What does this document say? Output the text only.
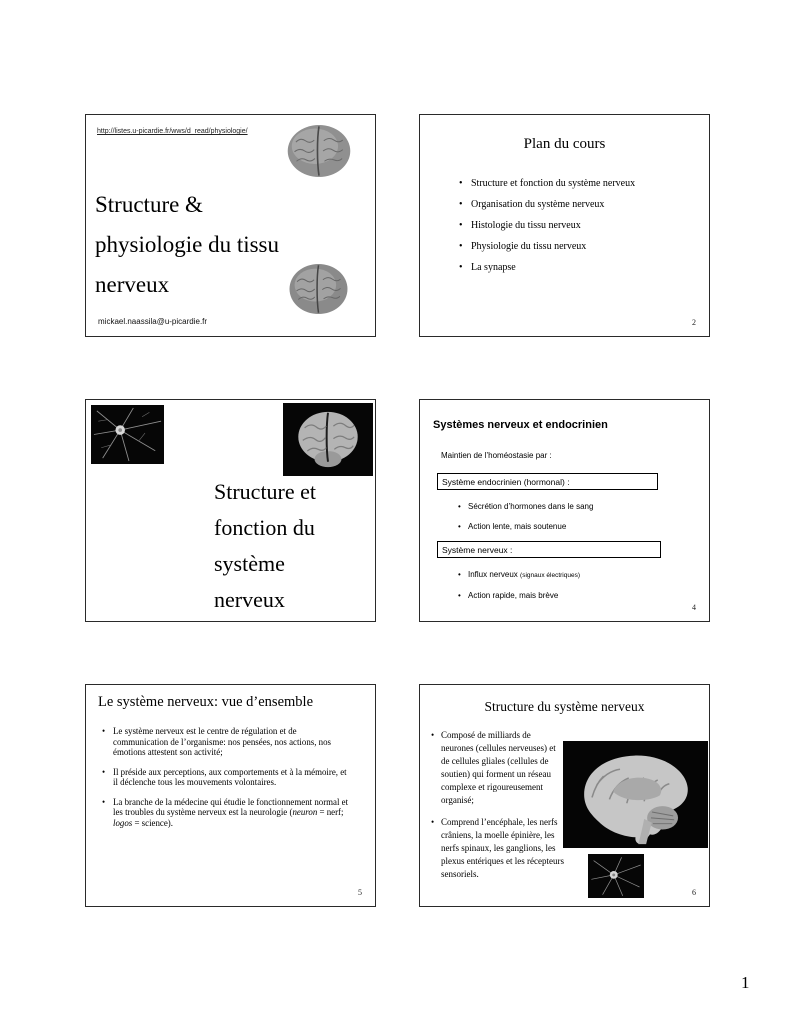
http://listes.u-picardie.fr/wws/d_read/physiologie/
Structure & physiologie du tissu nerveux
mickael.naassila@u-picardie.fr
Plan du cours
• Structure et fonction du système nerveux
• Organisation du système nerveux
• Histologie du tissu nerveux
• Physiologie du tissu nerveux
• La synapse
2
Structure et fonction du système nerveux
Systèmes nerveux et endocrinien
Maintien de l’homéostasie par :
Système endocrinien (hormonal) :
• Sécrétion d’hormones dans le sang
• Action lente, mais soutenue
Système nerveux :
• Influx nerveux (signaux électriques)
• Action rapide, mais brève
4
Le système nerveux: vue d’ensemble
• Le système nerveux est le centre de régulation et de communication de l’organisme: nos pensées, nos actions, nos émotions attestent son activité;
• Il préside aux perceptions, aux comportements et à la mémoire, et il déclenche tous les mouvements volontaires.
• La branche de la médecine qui étudie le fonctionnement normal et les troubles du système nerveux est la neurologie (neuron = nerf; logos = science).
5
Structure du système nerveux
• Composé de milliards de neurones (cellules nerveuses) et de cellules gliales (cellules de soutien) qui forment un réseau complexe et rigoureusement organisé;
• Comprend l’encéphale, les nerfs crâniens, la moelle épinière, les nerfs spinaux, les ganglions, les plexus entériques et les récepteurs sensoriels.
6
1
